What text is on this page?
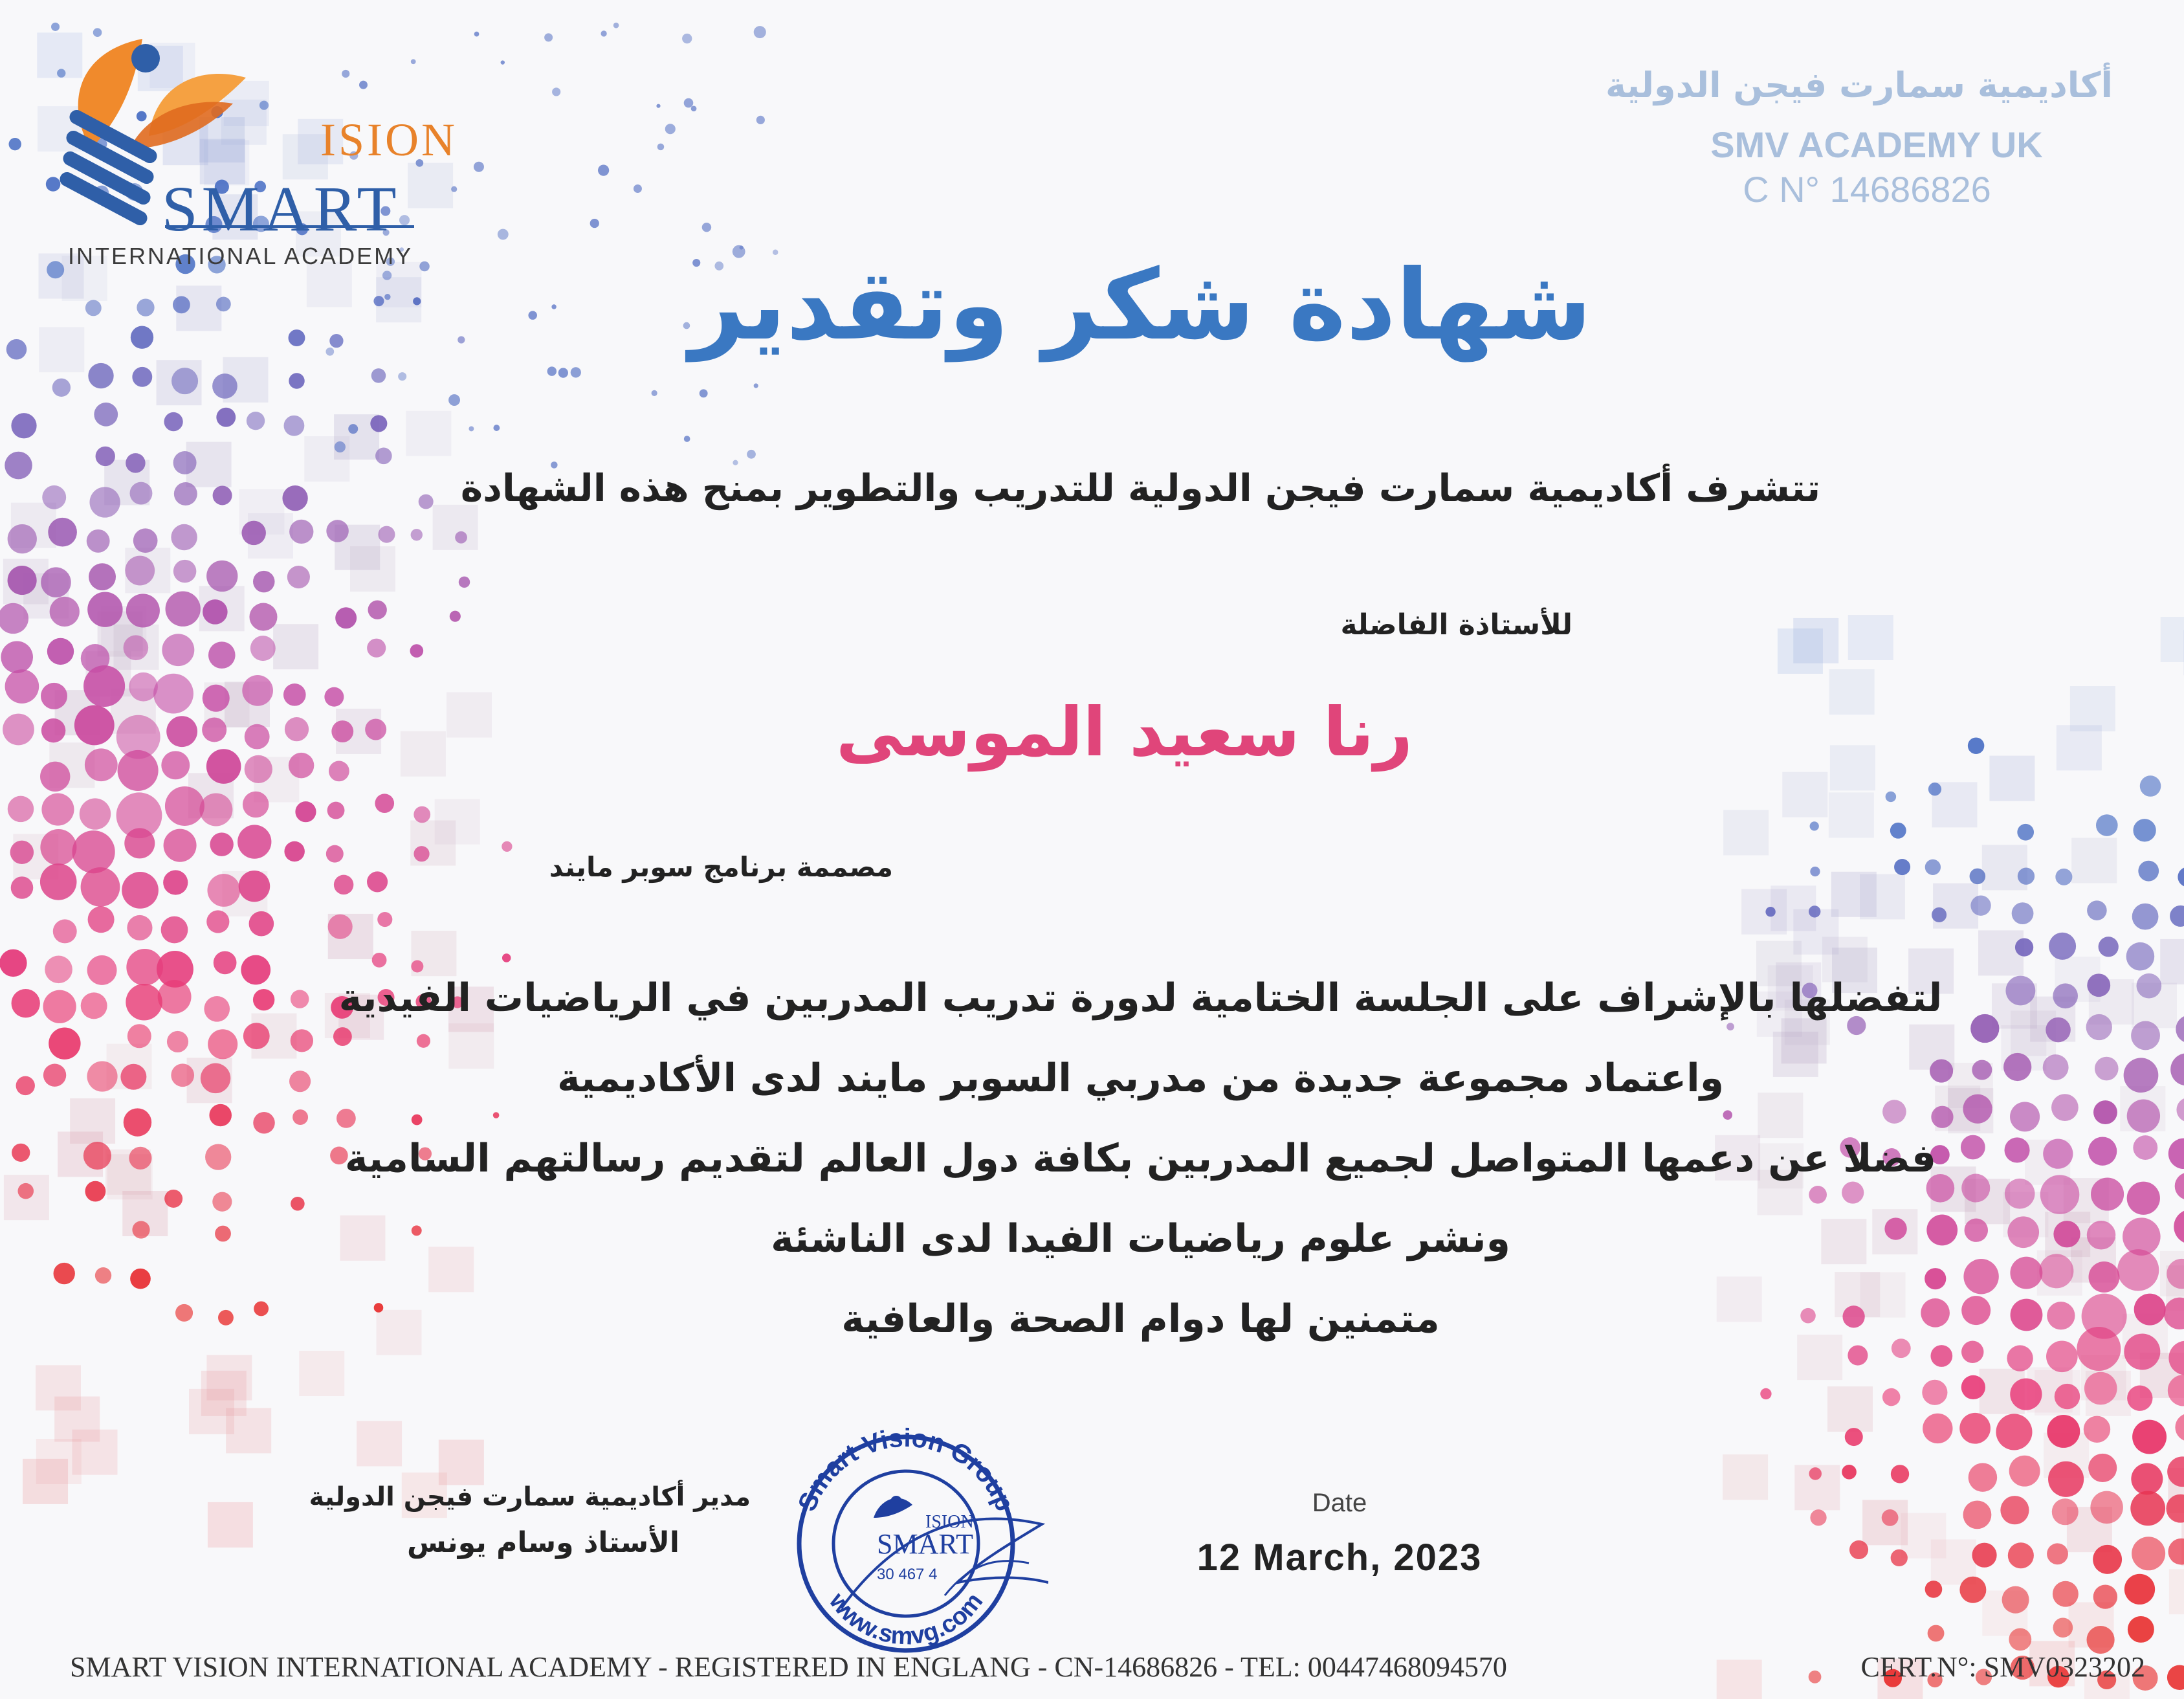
ISION
SMART
INTERNATIONAL ACADEMY
أكاديمية سمارت فيجن الدولية
SMV ACADEMY UK
C N° 14686826
شهادة شكر وتقدير
تتشرف أكاديمية سمارت فيجن الدولية للتدريب والتطوير بمنح هذه الشهادة
للأستاذة الفاضلة
رنا سعيد الموسى
مصممة برنامج سوبر مايند
لتفضلها بالإشراف على الجلسة الختامية لدورة تدريب المدربين في الرياضيات الفيدية
واعتماد مجموعة جديدة من مدربي السوبر مايند لدى الأكاديمية
فضلا عن دعمها المتواصل لجميع المدربين بكافة دول العالم لتقديم رسالتهم السامية
ونشر علوم رياضيات الفيدا لدى الناشئة
متمنين لها دوام الصحة والعافية
مدير أكاديمية سمارت فيجن الدولية
الأستاذ وسام يونس
Smart Vision Group
www.smvg.com
ISION
SMART
30 467 4
Date
12 March, 2023
SMART VISION INTERNATIONAL ACADEMY - REGISTERED IN ENGLANG - CN-14686826 - TEL: 00447468094570	CERT.N°: SMV0323202
